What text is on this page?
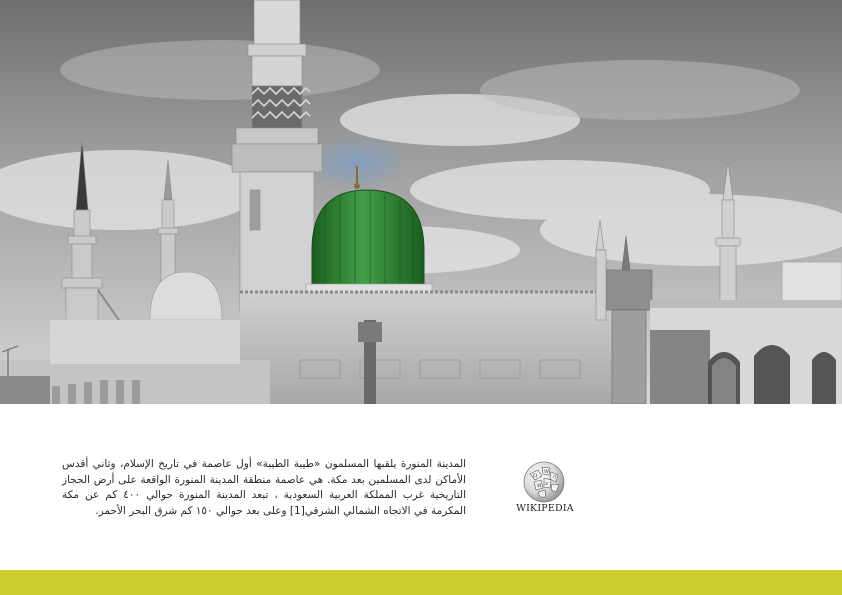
المدينة المنورة يلقبها المسلمون «طيبة الطيبة» أول عاصمة في تاريخ الإسلام، وثاني أقدس الأماكن لدى المسلمين بعد مكة. هي عاصمة منطقة المدينة المنورة الواقعة على أرض الحجاز التاريخية غرب المملكة العربية السعودية ، تبعد المدينة المنورة حوالي ٤٠٠ كم عن مكة المكرمة في الاتجاه الشمالي الشرقي[1] وعلى بعد حوالي ١٥٠ كم شرق البحر الأحمر.
Ω
W
ウ
И ש
WIKIPEDIA
